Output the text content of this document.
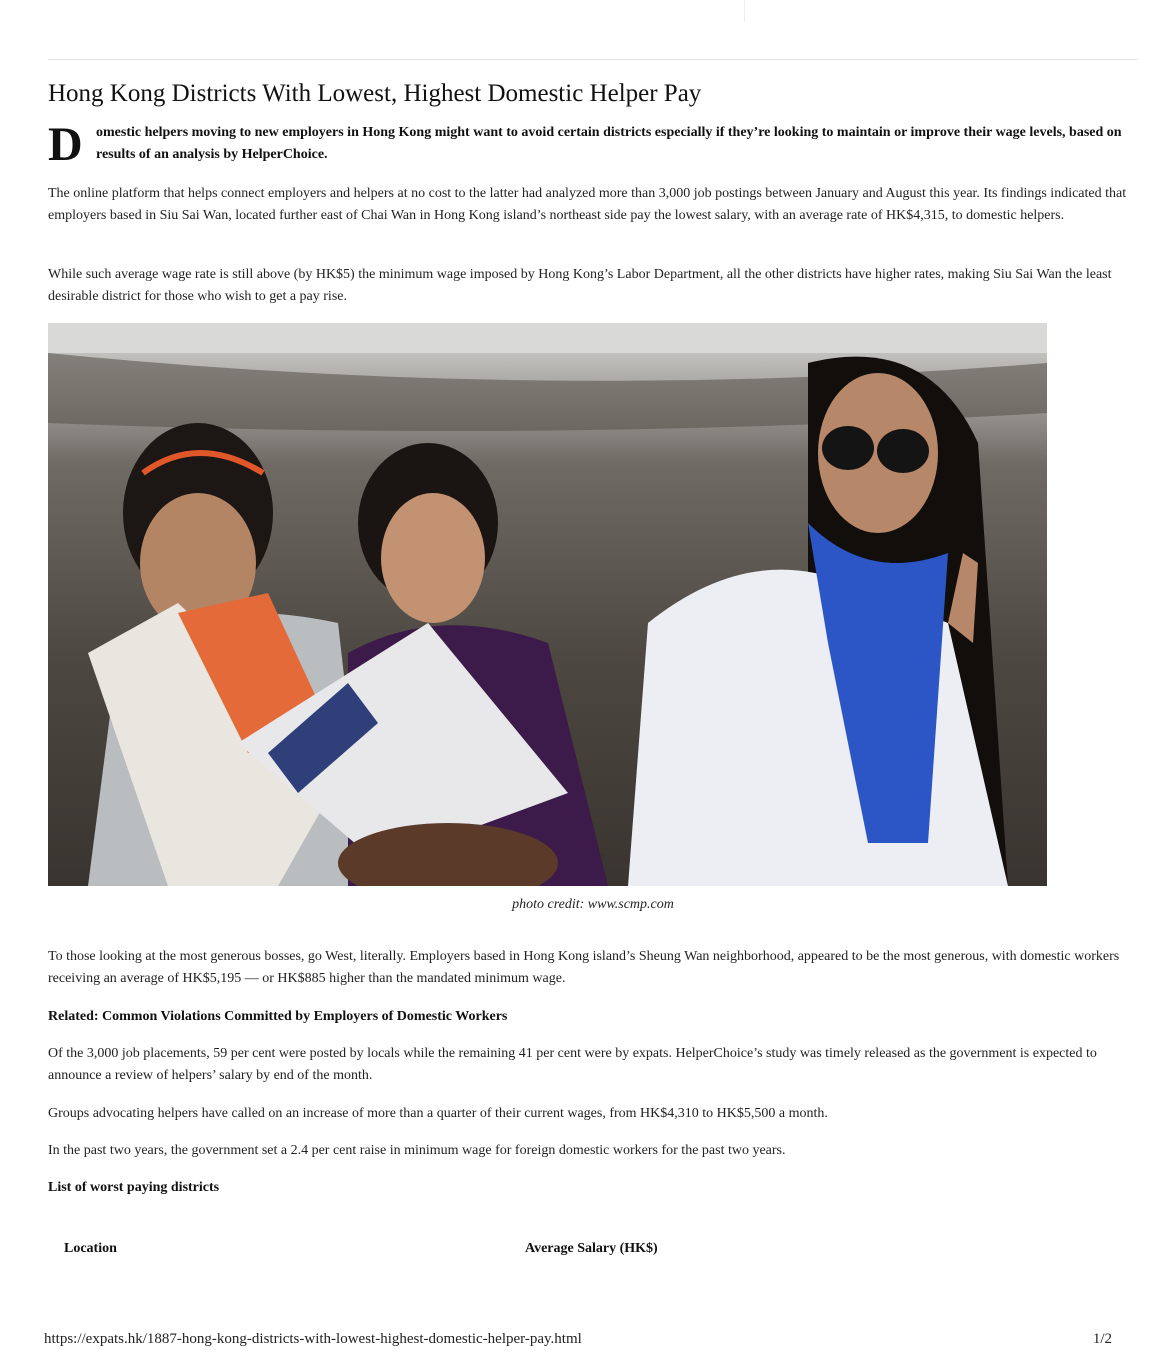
Hong Kong Districts With Lowest, Highest Domestic Helper Pay
D omestic helpers moving to new employers in Hong Kong might want to avoid certain districts especially if they’re looking to maintain or improve their wage levels, based on results of an analysis by HelperChoice.

The online platform that helps connect employers and helpers at no cost to the latter had analyzed more than 3,000 job postings between January and August this year. Its findings indicated that employers based in Siu Sai Wan, located further east of Chai Wan in Hong Kong island’s northeast side pay the lowest salary, with an average rate of HK$4,315, to domestic helpers.

While such average wage rate is still above (by HK$5) the minimum wage imposed by Hong Kong’s Labor Department, all the other districts have higher rates, making Siu Sai Wan the least desirable district for those who wish to get a pay rise.

photo credit: www.scmp.com

To those looking at the most generous bosses, go West, literally. Employers based in Hong Kong island’s Sheung Wan neighborhood, appeared to be the most generous, with domestic workers receiving an average of HK$5,195 — or HK$885 higher than the mandated minimum wage.

Related: Common Violations Committed by Employers of Domestic Workers

Of the 3,000 job placements, 59 per cent were posted by locals while the remaining 41 per cent were by expats. HelperChoice’s study was timely released as the government is expected to announce a review of helpers’ salary by end of the month.

Groups advocating helpers have called on an increase of more than a quarter of their current wages, from HK$4,310 to HK$5,500 a month.

In the past two years, the government set a 2.4 per cent raise in minimum wage for foreign domestic workers for the past two years.

List of worst paying districts

Location	Average Salary (HK$)
https://expats.hk/1887-hong-kong-districts-with-lowest-highest-domestic-helper-pay.html	1/2
